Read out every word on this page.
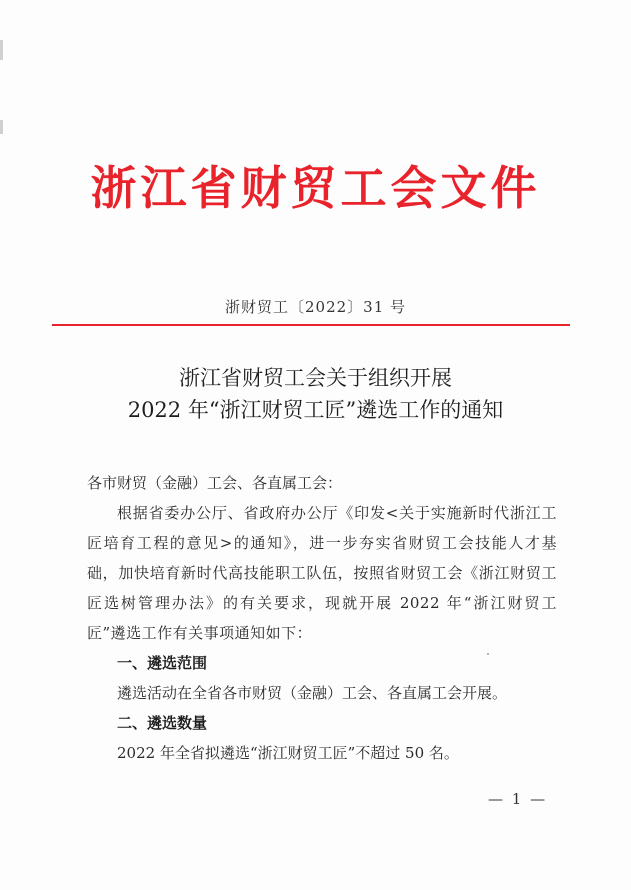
浙江省财贸工会文件
浙财贸工〔2022〕31 号
浙江省财贸工会关于组织开展
2022 年“浙江财贸工匠”遴选工作的通知
各市财贸（金融）工会、各直属工会：
根据省委办公厅、省政府办公厅《印发<关于实施新时代浙江工匠培育工程的意见>的通知》，进一步夯实省财贸工会技能人才基础，加快培育新时代高技能职工队伍，按照省财贸工会《浙江财贸工匠选树管理办法》的有关要求，现就开展 2022 年“浙江财贸工匠”遴选工作有关事项通知如下：
一、遴选范围
遴选活动在全省各市财贸（金融）工会、各直属工会开展。
二、遴选数量
2022 年全省拟遴选“浙江财贸工匠”不超过 50 名。
— 1 —
